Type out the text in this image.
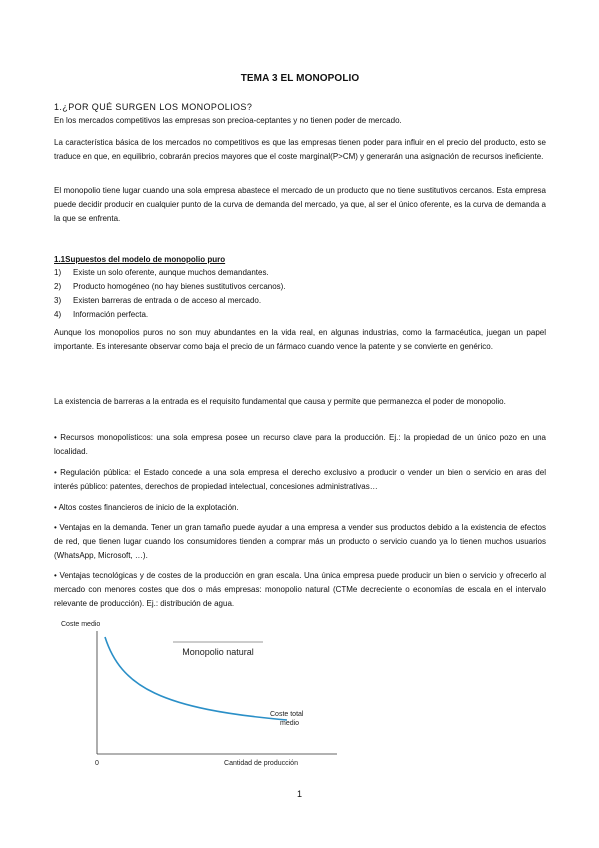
TEMA 3 EL MONOPOLIO
1.¿POR QUÉ SURGEN LOS MONOPOLIOS?
En los mercados competitivos las empresas son precioa-ceptantes y no tienen poder de mercado.
La característica básica de los mercados no competitivos es que las empresas tienen poder para influir en el precio del producto, esto se traduce en que, en equilibrio, cobrarán precios mayores que el coste marginal(P>CM) y generarán una asignación de recursos ineficiente.
El monopolio tiene lugar cuando una sola empresa abastece el mercado de un producto que no tiene sustitutivos cercanos. Esta empresa puede decidir producir en cualquier punto de la curva de demanda del mercado, ya que, al ser el único oferente, es la curva de demanda a la que se enfrenta.
1.1Supuestos del modelo de monopolio puro
1) Existe un solo oferente, aunque muchos demandantes.
2) Producto homogéneo (no hay bienes sustitutivos cercanos).
3) Existen barreras de entrada o de acceso al mercado.
4) Información perfecta.
Aunque los monopolios puros no son muy abundantes en la vida real, en algunas industrias, como la farmacéutica, juegan un papel importante. Es interesante observar como baja el precio de un fármaco cuando vence la patente y se convierte en genérico.
La existencia de barreras a la entrada es el requisito fundamental que causa y permite que permanezca el poder de monopolio.
• Recursos monopolísticos: una sola empresa posee un recurso clave para la producción. Ej.: la propiedad de un único pozo en una localidad.
• Regulación pública: el Estado concede a una sola empresa el derecho exclusivo a producir o vender un bien o servicio en aras del interés público: patentes, derechos de propiedad intelectual, concesiones administrativas…
• Altos costes financieros de inicio de la explotación.
• Ventajas en la demanda. Tener un gran tamaño puede ayudar a una empresa a vender sus productos debido a la existencia de efectos de red, que tienen lugar cuando los consumidores tienden a comprar más un producto o servicio cuando ya lo tienen muchos usuarios (WhatsApp, Microsoft, …).
• Ventajas tecnológicas y de costes de la producción en gran escala. Una única empresa puede producir un bien o servicio y ofrecerlo al mercado con menores costes que dos o más empresas: monopolio natural (CTMe decreciente o economías de escala en el intervalo relevante de producción). Ej.: distribución de agua.
Coste medio
0	Cantidad de producción
Monopolio natural
Coste total
medio
1
